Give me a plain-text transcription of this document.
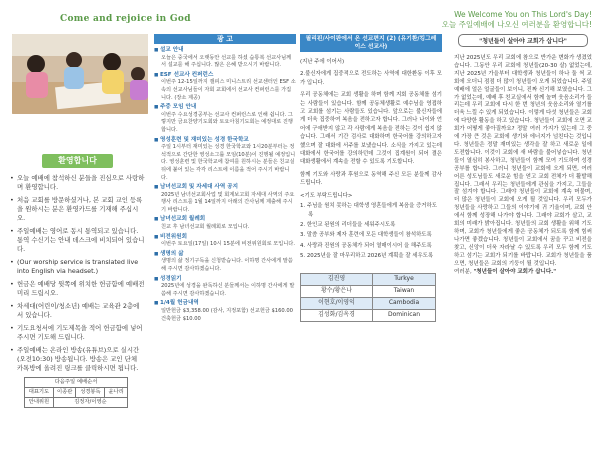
Come and rejoice in God	We Welcome You on This Lord's Day!
오늘 주일예배에 나오신 여러분을 환영합니다!
환영합니다
• 오늘 예배에 참석하신 분들을 진심으로 사랑하며 환영합니다.
• 처음 교회를 방문하셨거나, 본 교회 교인 등록을 원하시는 분은 환영카드를 기재해 주십시오.
• 주일예배는 영어로 동시 통역되고 있습니다. 통역 수신기는 안내 데스크에 비치되어 있습니다.
• (Our worship service is translated live into English via headset.)
• 헌금은 예배당 뒷쪽에 위치한 헌금함에 예배전 미리 드립시오.
• 차세대(어린이/청소년) 예배는 교육관 2층에서 있습니다.
• 기도요청서에 기도제목을 적어 헌금함에 넣어 주시면 기도해 드립니다.
• 주일예배는 온라인 방송(유튜브)으로 실시간 (오전10:30) 방송됩니다. 방송은 교인 단체 카톡방에 올려진 링크를 클릭하시면 됩니다.
다음주일 예배순서			
대표기도	이종관	성경봉독	윤나리
안내위원	김정자/이영순		
광 고
■ 설교 안내
오늘은 중국에서 오랫동안 선교를 하셨 습통복 선교사님께서 설교를 해 주십니다. 많은 은혜 받으시기 바랍니다.
■ ESF 선교사 컨퍼런스
이번주 12-15일까지 캘피스 미니스트리 선교센터인 ESF 소속의 선교사님들이 자회 교회에서 선교사 컨퍼런스를 가집니다. (장소 제공)
■ 주중 모임 안내
이번주 수요성경공부는 선교사 컨퍼런스로 인해 쉽니다. 그렇지만 금요찬양기도회와 토요아침기도회는 예정대로 진행합니다.
■ 영성훈련 및 재미있는 성경 한국학교
주일 1시부터 재미있는 성경 한국학교와 1시20분부터는 정석적으로 간단한 영성소그룹 모임(10분)이 진행될 예정입니다. 영성훈련 및 한국학교에 참여를 원하시는 분들은 친교실 뒤에 붙어 있는 각각 리스트에 이름을 적어 주시기 바랍니다.
■ 남녀선교회 및 자세대 사역 공지
2025년 남녀선교회사업 및 회계보고회 자세대 사역의 주요행사 리스트를 1월 14일까지 아래의 간사님께 제출해 주시기 바랍니다.
■ 남녀선교회 월례회
친교 후 남녀선교회 월례회로 모입니다.
■ 비전위원회
이번주 토요일(17일) 10시 15분에 비전위원회로 모입니다.
■ 생명의 삶
생명의 삶 정기구독을 신청받습니다. 이하명 간사에게 말씀해 주시면 감사하겠습니다.
■ 성경읽기
2025년에 성경을 완독하신 분들께서는 이하명 간사에게 말씀해 주시면 감사하겠습니다.
■ 1/4월 헌금내역
일반헌금 $3,358.00 (감사, 지정포함) 선교헌금 $160.00 건축헌금 $10.00
필리핀/사이판에서 온 선교편지 (2) (유기환/킹그레이스 선교사)

(지난 주에 이어서)

2.불신자에게 집중적으로 전도하는 사역에 대한환동 이후 모가 입니다.

우리 공동체에는 교회 생활을 하며 함께 지회 공동체를 섬기는 사람들이 있습니다. 함께 공동체생활로 예수님을 영접하고 교회를 섬기는 사람들도 있습니다. 앞으로는 불신자들에게 더욱 집중하여 복음을 전하고자 합니다. 그러나 나이와 언어에 구애받지 않고 각 사람에게 복음을 전하는 것이 쉽지 않습니다. 그래서 기간 검사로 대화하며 한국어를 강의하고자 했으며 잘 대화에 서주를 보냈습니다. 소식을 가지고 있는데 대화에서 한국어를 강의하던데 그것이 집계원이 되어 결은 대화생활에서 계속을 전할 수 있도록 기도합니다.

함께 기도와 사랑과 후원으로 동역해 주신 모든 분들께 감사드립니다.

<기도 부탁드립니다>

1. 주님을 원치 못하는 대학생 영혼들에게 복음을 증거하도록
2. 한인교 된원의 리더들을 세워주시도록
3. 말씀 공부와 제자 훈련에 모든 대학생들이 참석하도록
4. 사랑과 진원의 공동체가 되어 열매이시어 을 해주도록
5. 2025년을 잘 마무리하고 2026년 계획을 잘 세우도록
김진영	Turkye
황수/황은나	Taiwan
이현호/이영익	Cambodia
김성화/김옥경	Dominican
"청년들이 살아야 교회가 삽니다"

지난 2025년도 우리 교회에 참으로 반가운 변화가 생겼었습니다. 그동안 우리 교회에 청년들(20-30 살) 없었는데, 지난 2025년 가을부터 대학생과 청년들이 하나 둘 씩 교회에 오더니 점점 더 많이 청년들이 오게 되었습니다. 주일 예배에 얼은 얼굴들이 보이니, 진짜 신기해 보였습니다. 그 가 없었는데, 예배 후 친교실에서 함께 놀며 웃음소리가 들리는데 우리 교회에 다시 한 번 청년의 웃음소리와 열기를 더욱 느낄 수 있게 되었습니다. 이렇게 다섯 청년들은 교회에 다양한 활동을 하고 있습니다. 청년들이 교회에 오면 교회가 어떻게 좋아질까요? 정말 여러 가지가 있는데 그 중에 가장 큰 것은 교회에 생기와 에너지가 넘친다는 것입니다. 청년들은 정말 재미있는 생각을 잘 하고 새로운 일에 도전합니다. 이것이 교회에 새 바람을 불어넣습니다. 청년들이 열심히 봉사하고, 청년들이 함께 모여 기도하며 성경 공부를 합니다. 그러니 청년들이 교회에 오게 되면, 여러 어른 성도님들도 새로운 힘을 얻고 교회 전체가 더 활발해집니다. 그래서 우리는 청년들에게 관심을 가지고, 그들을 잘 섬겨야 합니다. 그래야 청년들이 교회에 계속 머물며, 더 많은 청년들이 교회에 오게 될 것입니다. 우리 모두가 청년들을 사랑하고 그들의 이야기에 귀 기울이며, 교회 안에서 함께 성장해 나가야 합니다. 그래야 교회가 살고, 교회의 미래가 밝아집니다. 청년들의 교회 생활을 위해 기도하며, 교회가 청년들에게 좋은 공동체가 되도록 함께 힘써 나가면 좋겠습니다. 청년들이 교회에서 꿈을 꾸고 비전을 찾고, 신앙이 더욱 자라날 수 있도록 우리 모두 함께 기도하고 섬기는 교회가 되기를 바랍니다. 교회가 청년들을 품으면, 청년들은 교회의 기둥이 될 것입니다.

여러분, "청년들이 살아야 교회가 삽니다."
